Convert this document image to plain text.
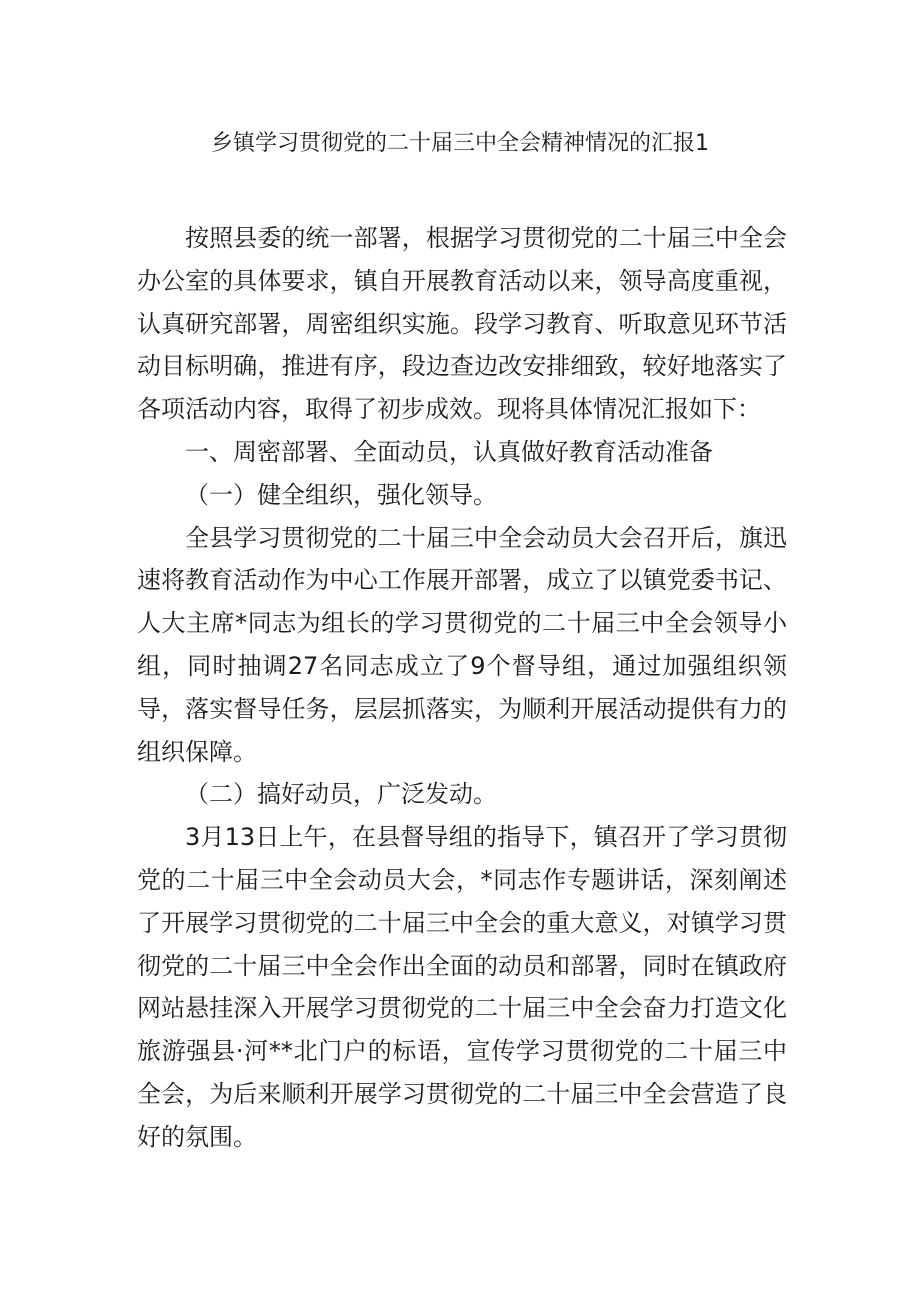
乡镇学习贯彻党的二十届三中全会精神情况的汇报1

按照县委的统一部署，根据学习贯彻党的二十届三中全会办公室的具体要求，镇自开展教育活动以来，领导高度重视，认真研究部署，周密组织实施。段学习教育、听取意见环节活动目标明确，推进有序，段边查边改安排细致，较好地落实了各项活动内容，取得了初步成效。现将具体情况汇报如下：

一、周密部署、全面动员，认真做好教育活动准备

（一）健全组织，强化领导。

全县学习贯彻党的二十届三中全会动员大会召开后，旗迅速将教育活动作为中心工作展开部署，成立了以镇党委书记、人大主席*同志为组长的学习贯彻党的二十届三中全会领导小组，同时抽调27名同志成立了9个督导组，通过加强组织领导，落实督导任务，层层抓落实，为顺利开展活动提供有力的组织保障。

（二）搞好动员，广泛发动。

3月13日上午，在县督导组的指导下，镇召开了学习贯彻党的二十届三中全会动员大会，*同志作专题讲话，深刻阐述了开展学习贯彻党的二十届三中全会的重大意义，对镇学习贯彻党的二十届三中全会作出全面的动员和部署，同时在镇政府网站悬挂深入开展学习贯彻党的二十届三中全会奋力打造文化旅游强县·河**北门户的标语，宣传学习贯彻党的二十届三中全会，为后来顺利开展学习贯彻党的二十届三中全会营造了良好的氛围。
